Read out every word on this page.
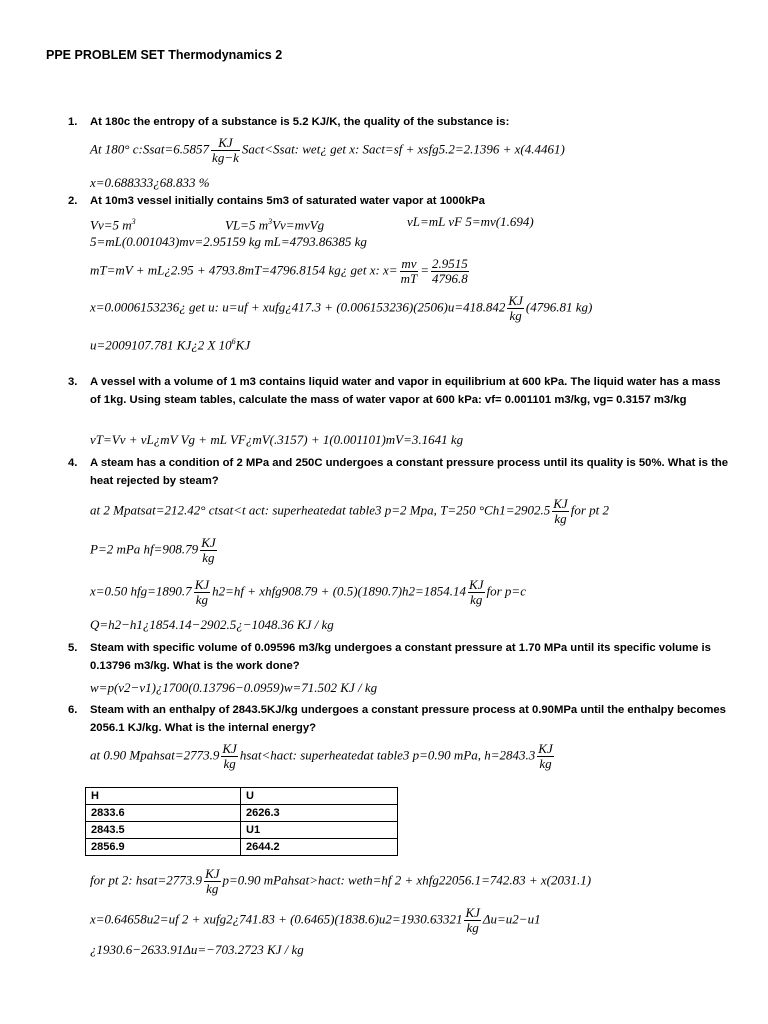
PPE PROBLEM SET Thermodynamics 2
1. At 180c the entropy of a substance is 5.2 KJ/K, the quality of the substance is:
At 180° c:Ssat=6.5857 $\frac{KJ}{kg-k}$ Sact<Ssat: wet¿ get x: Sact=sf + xsfg5.2=2.1396 + x(4.4461)
x=0.688333¿68.833 %
2. At 10m3 vessel initially contains 5m3 of saturated water vapor at 1000kPa
Vv=5 $m^3$	VL=5 $m^3Vv=mvVg$	vL=mL vF 5=mv(1.694)
5=mL(0.001043)mv=2.95159 kg mL=4793.86385 kg
mT=mV + mL¿2.95 + 4793.8mT=4796.8154 kg¿ get x: $x= \frac{mv}{mT} = \frac{2.9515}{4796.8}$
x=0.0006153236¿ get u: u=uf + xufg¿417.3 + $(0.006153236)(2506)u=418.842 \frac{KJ}{kg} (4796.81$ kg)
u=2009107.781 KJ¿2 X $10^6KJ$
3. A vessel with a volume of 1 m3 contains liquid water and vapor in equilibrium at 600 kPa. The liquid water has a mass of 1kg. Using steam tables, calculate the mass of water vapor at 600 kPa: vf= 0.001101 m3/kg, vg= 0.3157 m3/kg
vT=Vv + vL¿mV Vg + mL VF¿mV(.3157) + 1(0.001101)mV=3.1641 kg
4. A steam has a condition of 2 MPa and 250C undergoes a constant pressure process until its quality is 50%. What is the heat rejected by steam?
at 2 Mpatsat=212.42° ctsat<t act: superheatedat table3 p=2 Mpa, T=250 $^\circ Ch1=2902.5 \frac{KJ}{kg}$ for pt 2
P=2 mPa $hf=908.79 \frac{KJ}{kg}$
x=0.50 $hfg=1890.7 \frac{KJ}{kg} h2=hf$ + xhfg908.79 + $(0.5)(1890.7)h2=1854.14 \frac{KJ}{kg}$ for p=c
Q=h2−h1¿1854.14−2902.5¿−1048.36 KJ / kg
5. Steam with specific volume of 0.09596 m3/kg undergoes a constant pressure at 1.70 MPa until its specific volume is 0.13796 m3/kg. What is the work done?
w=p(v2−v1)¿1700(0.13796−0.0959)w=71.502 KJ / kg
6. Steam with an enthalpy of 2843.5KJ/kg undergoes a constant pressure process at 0.90MPa until the enthalpy becomes 2056.1 KJ/kg. What is the internal energy?
at 0.90 Mpahsat=2773.9 $\frac{KJ}{kg}$ hsat<hact: superheatedat table3 p=0.90 mPa, $h=2843.3 \frac{KJ}{kg}$
H	U
2833.6	2626.3
2843.5	U1
2856.9	2644.2
for pt 2: hsat=2773.9 $\frac{KJ}{kg} p=0.90$ mPahsat>hact: weth=hf 2 + xhfg22056.1=742.83 + x(2031.1)
x=0.64658u2=uf 2 + xufg2¿741.83 + $(0.6465)(1838.6)u2=1930.63321 \frac{KJ}{kg} \Delta u=u2-u1$
¿1930.6−2633.91Δu=−703.2723 KJ / kg
